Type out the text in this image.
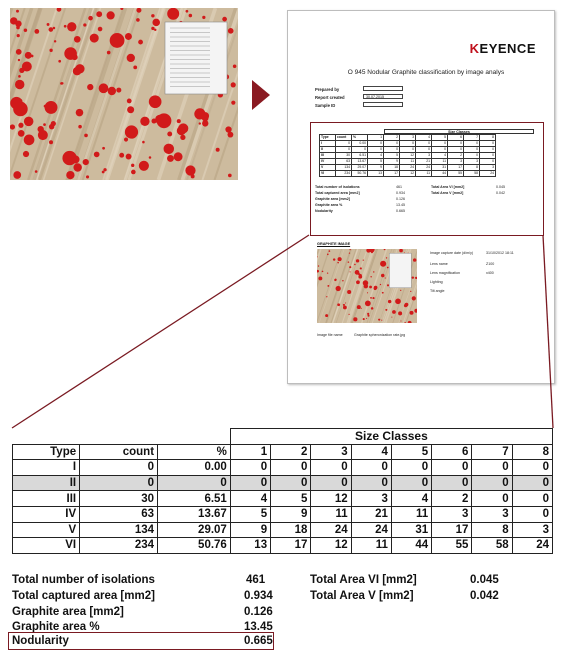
KEYENCE
O 945 Nodular Graphite classification by image analys
Prepared by
Report created	30.07.2015
Sample ID
Size Classes
Type	count	%	1	2	3	4	5	6	7	8
I	0	0.00	0	0	0	0	0	0	0	0
II	0	0	0	0	0	0	0	0	0	0
III	30	6.51	4	5	12	3	4	2	0	0
IV	63	13.67	5	9	11	21	11	3	3	0
V	134	29.07	9	18	24	24	31	17	8	3
VI	234	50.76	13	17	12	11	44	55	58	24
Total number of isolations	461
Total captured area [mm2]	0.934
Graphite area [mm2]	0.126
Graphite area %	13.45
Nodularity	0.665
Total Area VI [mm2]	0.045
Total Area V [mm2]	0.042
GRAPHITE IMAGE
Image capture date (d/m/y)	31/10/2012 18:11
Lens name	Z100
Lens magnification	x400
Lighting
Tilt angle
Image file name	Graphite spheronization rate.jpg
			Size Classes							
Type	count	%	1	2	3	4	5	6	7	8
I	0	0.00	0	0	0	0	0	0	0	0
II	0	0	0	0	0	0	0	0	0	0
III	30	6.51	4	5	12	3	4	2	0	0
IV	63	13.67	5	9	11	21	11	3	3	0
V	134	29.07	9	18	24	24	31	17	8	3
VI	234	50.76	13	17	12	11	44	55	58	24
Total number of isolations	461
Total captured area [mm2]	0.934
Graphite area [mm2]	0.126
Graphite area %	13.45
Nodularity	0.665
Total Area VI [mm2]	0.045
Total Area V [mm2]	0.042
